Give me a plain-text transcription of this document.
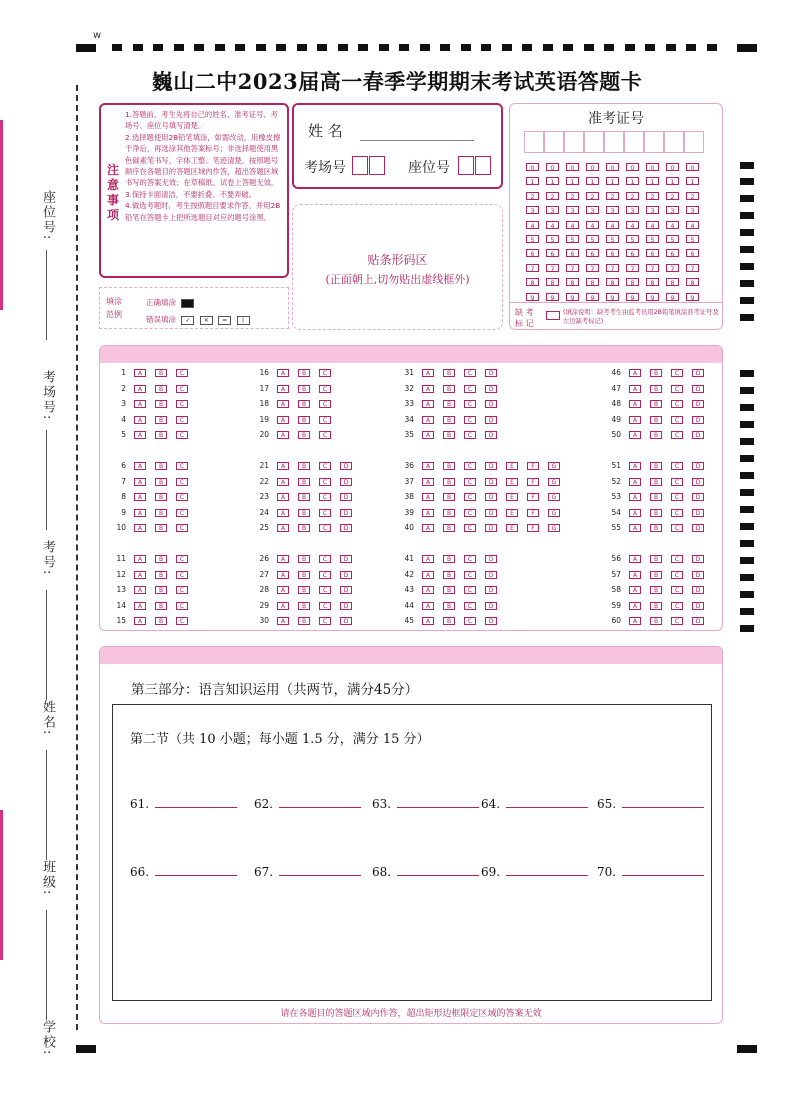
w
巍山二中2023届高一春季学期期末考试英语答题卡
座位号:
考场号:
考号:
姓名:
班级:
学校:
注意事项
1.答题前，考生先将自己的姓名、准考证号、考场号、座位号填写清楚。
2.选择题使用2B铅笔填涂，如需改动，用橡皮擦干净后，再选涂其他答案标号；非选择题使用黑色碳素笔书写，字体工整、笔迹清楚，按照题号顺序在各题目的答题区域内作答，超出答题区域书写的答案无效；在草稿纸、试卷上答题无效。
3.保持卡面清洁，不要折叠、不要弄破。
4.做选考题时，考生按照题目要求作答，并用2B铅笔在答题卡上把所选题目对应的题号涂黑。
填涂范例
正确填涂
错误填涂 ✓ ✕ = |
姓 名
考场号	座位号
贴条形码区
(正面朝上,切勿贴出虚线框外)
准考证号
0	0	0	0	0	0	0	0	0
1	1	1	1	1	1	1	1	1
2	2	2	2	2	2	2	2	2
3	3	3	3	3	3	3	3	3
4	4	4	4	4	4	4	4	4
5	5	5	5	5	5	5	5	5
6	6	6	6	6	6	6	6	6
7	7	7	7	7	7	7	7	7
8	8	8	8	8	8	8	8	8
9	9	9	9	9	9	9	9	9
缺 考
标 记
(填涂说明：缺考考生由监考员用2B铅笔填涂准考证号及左边缺考标记)
1	A	B	C
2	A	B	C
3	A	B	C
4	A	B	C
5	A	B	C
6	A	B	C
7	A	B	C
8	A	B	C
9	A	B	C
10	A	B	C
11	A	B	C
12	A	B	C
13	A	B	C
14	A	B	C
15	A	B	C
16	A	B	C
17	A	B	C
18	A	B	C
19	A	B	C
20	A	B	C
21	A	B	C	D
22	A	B	C	D
23	A	B	C	D
24	A	B	C	D
25	A	B	C	D
26	A	B	C	D
27	A	B	C	D
28	A	B	C	D
29	A	B	C	D
30	A	B	C	D
31	A	B	C	D
32	A	B	C	D
33	A	B	C	D
34	A	B	C	D
35	A	B	C	D
36	A	B	C	D	E	F	G
37	A	B	C	D	E	F	G
38	A	B	C	D	E	F	G
39	A	B	C	D	E	F	G
40	A	B	C	D	E	F	G
41	A	B	C	D
42	A	B	C	D
43	A	B	C	D
44	A	B	C	D
45	A	B	C	D
46	A	B	C	D
47	A	B	C	D
48	A	B	C	D
49	A	B	C	D
50	A	B	C	D
51	A	B	C	D
52	A	B	C	D
53	A	B	C	D
54	A	B	C	D
55	A	B	C	D
56	A	B	C	D
57	A	B	C	D
58	A	B	C	D
59	A	B	C	D
60	A	B	C	D
第三部分：语言知识运用（共两节，满分45分）
第二节（共 10 小题；每小题 1.5 分，满分 15 分）
61.	62.	63.	64.	65.
66.	67.	68.	69.	70.
请在各题目的答题区域内作答，超出矩形边框限定区域的答案无效
